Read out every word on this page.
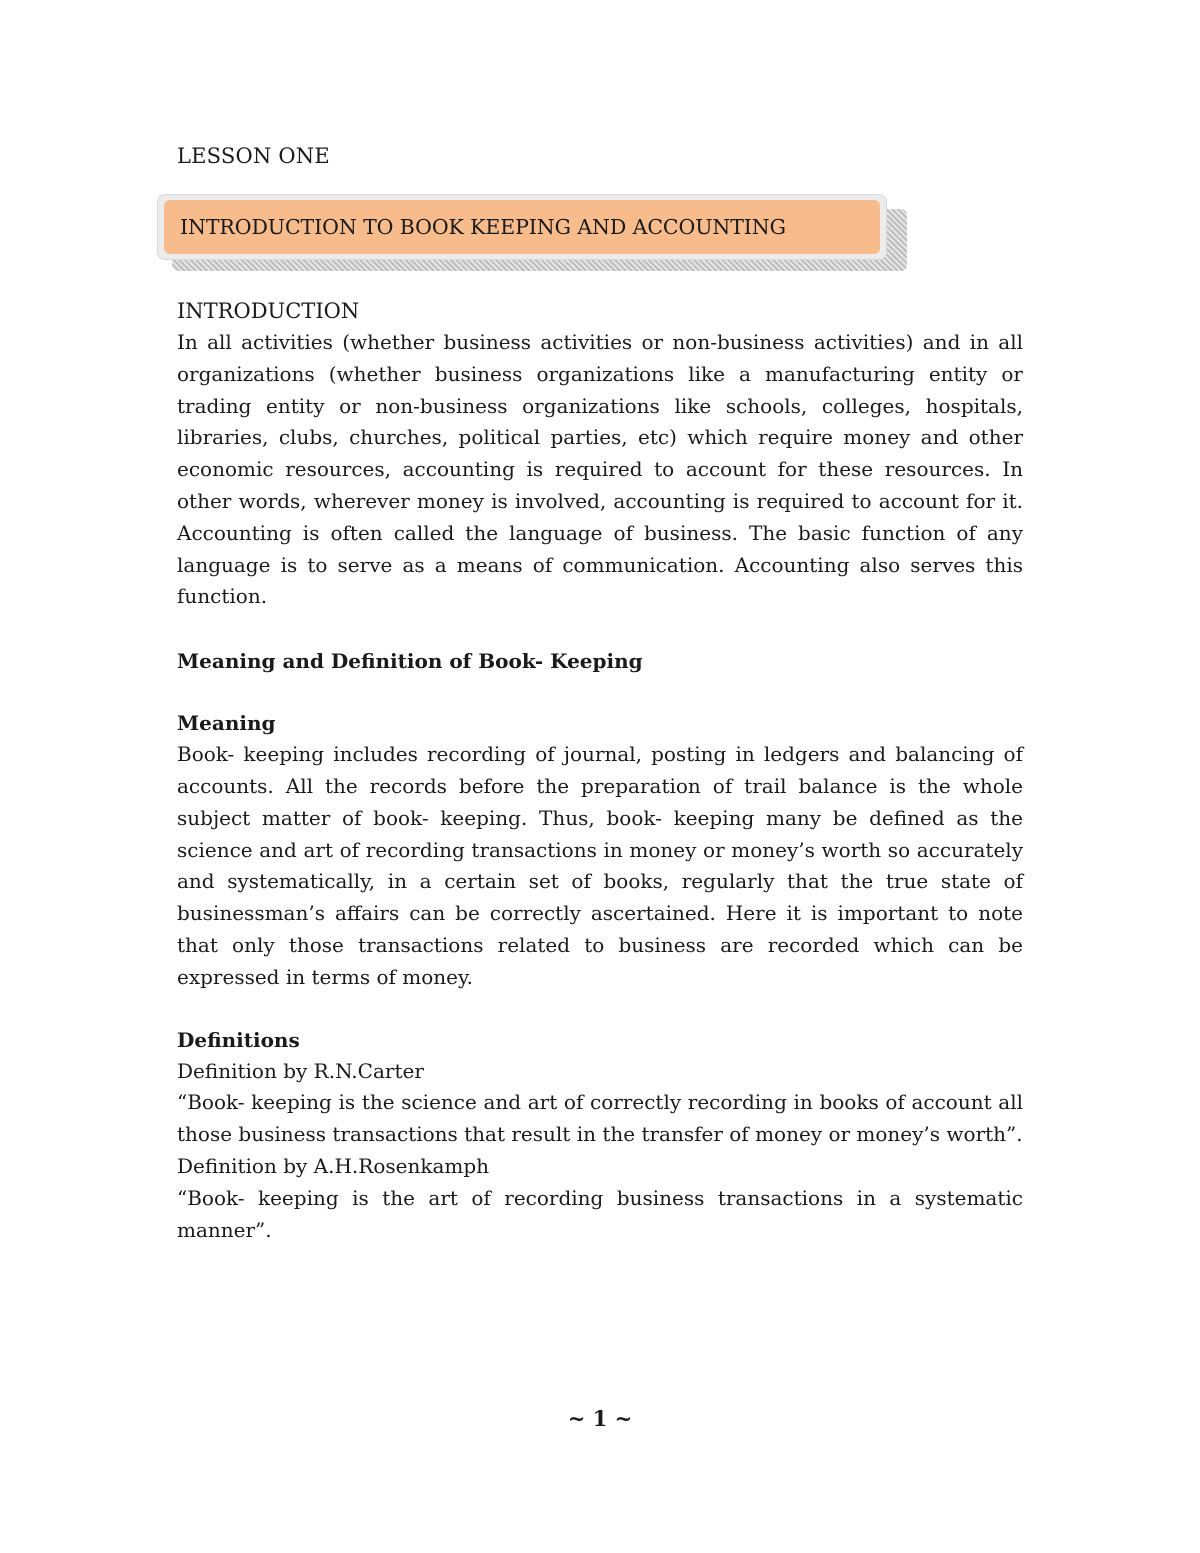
LESSON ONE

INTRODUCTION TO BOOK KEEPING AND ACCOUNTING

INTRODUCTION

In all activities (whether business activities or non-business activities) and in all organizations (whether business organizations like a manufacturing entity or trading entity or non-business organizations like schools, colleges, hospitals, libraries, clubs, churches, political parties, etc) which require money and other economic resources, accounting is required to account for these resources. In other words, wherever money is involved, accounting is required to account for it. Accounting is often called the language of business. The basic function of any language is to serve as a means of communication. Accounting also serves this function.

Meaning and Definition of Book- Keeping

Meaning

Book- keeping includes recording of journal, posting in ledgers and balancing of accounts. All the records before the preparation of trail balance is the whole subject matter of book- keeping. Thus, book- keeping many be defined as the science and art of recording transactions in money or money’s worth so accurately and systematically, in a certain set of books, regularly that the true state of businessman’s affairs can be correctly ascertained. Here it is important to note that only those transactions related to business are recorded which can be expressed in terms of money.

Definitions

Definition by R.N.Carter

“Book- keeping is the science and art of correctly recording in books of account all those business transactions that result in the transfer of money or money’s worth”.

Definition by A.H.Rosenkamph

“Book- keeping is the art of recording business transactions in a systematic manner”.

~ 1 ~
